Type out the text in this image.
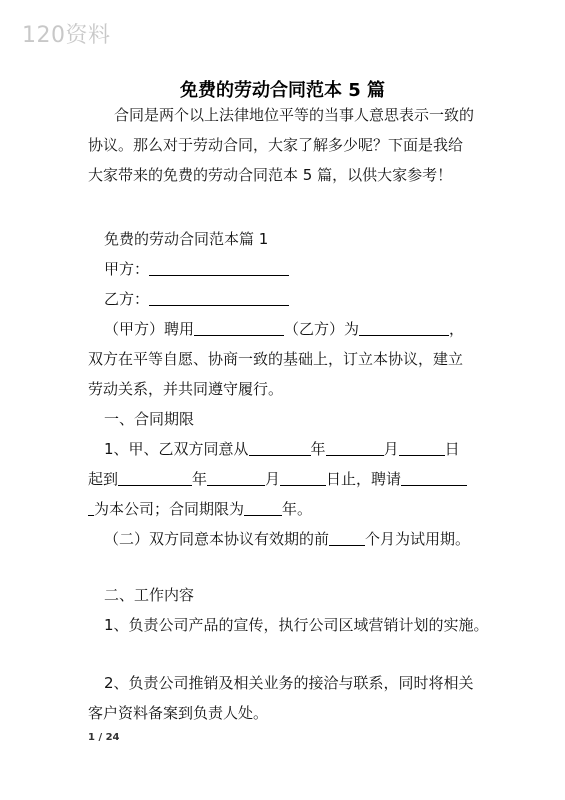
120资料
免费的劳动合同范本 5 篇
合同是两个以上法律地位平等的当事人意思表示一致的
协议。那么对于劳动合同，大家了解多少呢？下面是我给
大家带来的免费的劳动合同范本 5 篇，以供大家参考！
免费的劳动合同范本篇 1
甲方：
乙方：
（甲方）聘用	（乙方）为	，
双方在平等自愿、协商一致的基础上，订立本协议，建立
劳动关系，并共同遵守履行。
一、合同期限
1、甲、乙双方同意从	年	月	日
起到	年	月	日止，聘请
为本公司；合同期限为	年。
（二）双方同意本协议有效期的前 个月为试用期。
二、工作内容
1、负责公司产品的宣传，执行公司区域营销计划的实施。
2、负责公司推销及相关业务的接洽与联系，同时将相关
客户资料备案到负责人处。
1 / 24
